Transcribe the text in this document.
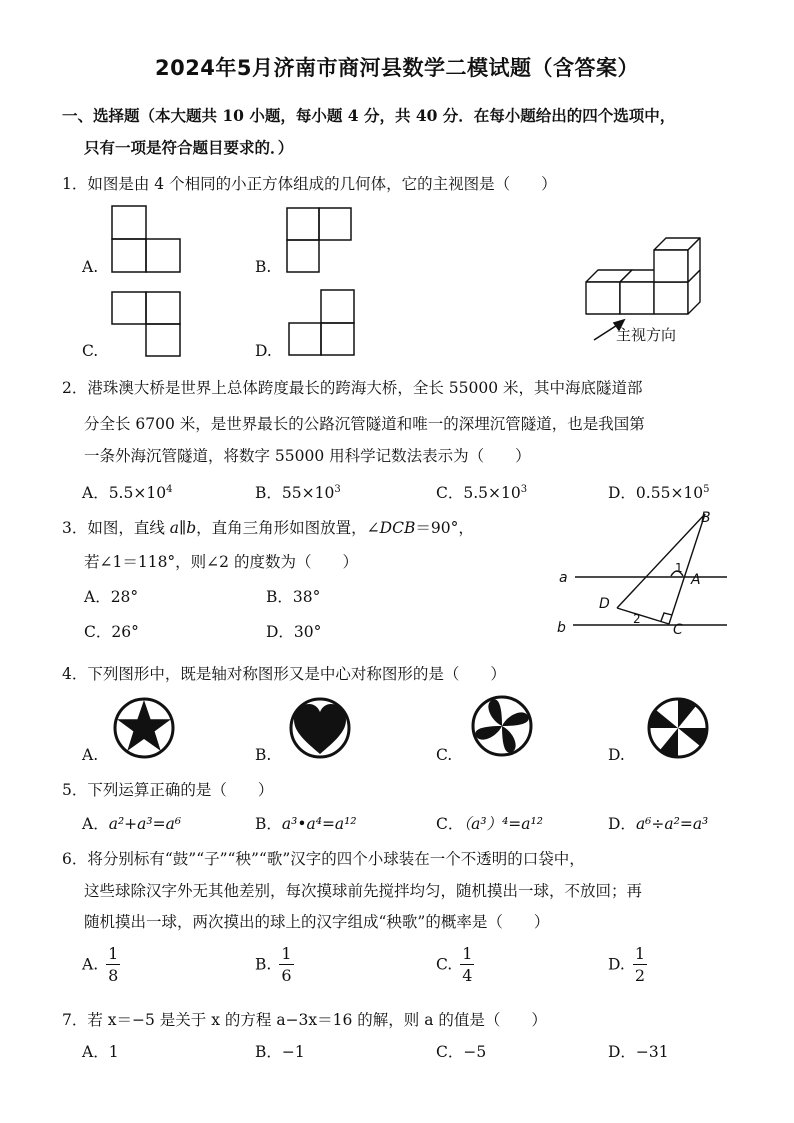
2024年5月济南市商河县数学二模试题（含答案）
一、选择题（本大题共 10 小题，每小题 4 分，共 40 分．在每小题给出的四个选项中，
只有一项是符合题目要求的．）
1．如图是由 4 个相同的小正方体组成的几何体，它的主视图是（　　）
A.	B.
C.	D.
主视方向
2．港珠澳大桥是世界上总体跨度最长的跨海大桥，全长 55000 米，其中海底隧道部
分全长 6700 米，是世界最长的公路沉管隧道和唯一的深埋沉管隧道，也是我国第
一条外海沉管隧道，将数字 55000 用科学记数法表示为（　　）
A．$5.5\times 10^4$	B．$55\times 10^3$	C．$5.5\times 10^3$	D．$0.55\times 10^5$
3．如图，直线 a∥b，直角三角形如图放置，∠DCB＝90°，
若∠1＝118°，则∠2 的度数为（　　）
A．28°	B．38°
C．26°	D．30°
B
A
a
D
b	C
1
2
4．下列图形中，既是轴对称图形又是中心对称图形的是（　　）
A.	B.	C.	D.
5．下列运算正确的是（　　）
A．a²+a³=a⁶	B．a³•a⁴=a¹²	C．（a³）⁴=a¹²	D．a⁶÷a²=a³
6．将分别标有“鼓”“子”“秧”“歌”汉字的四个小球装在一个不透明的口袋中，
这些球除汉字外无其他差别，每次摸球前先搅拌均匀，随机摸出一球，不放回；再
随机摸出一球，两次摸出的球上的汉字组成“秧歌”的概率是（　　）
A. $\frac{1}{8}$	B. $\frac{1}{6}$	C. $\frac{1}{4}$	D. $\frac{1}{2}$
7．若 x＝−5 是关于 x 的方程 a−3x＝16 的解，则 a 的值是（　　）
A．1	B．−1	C．−5	D．−31
